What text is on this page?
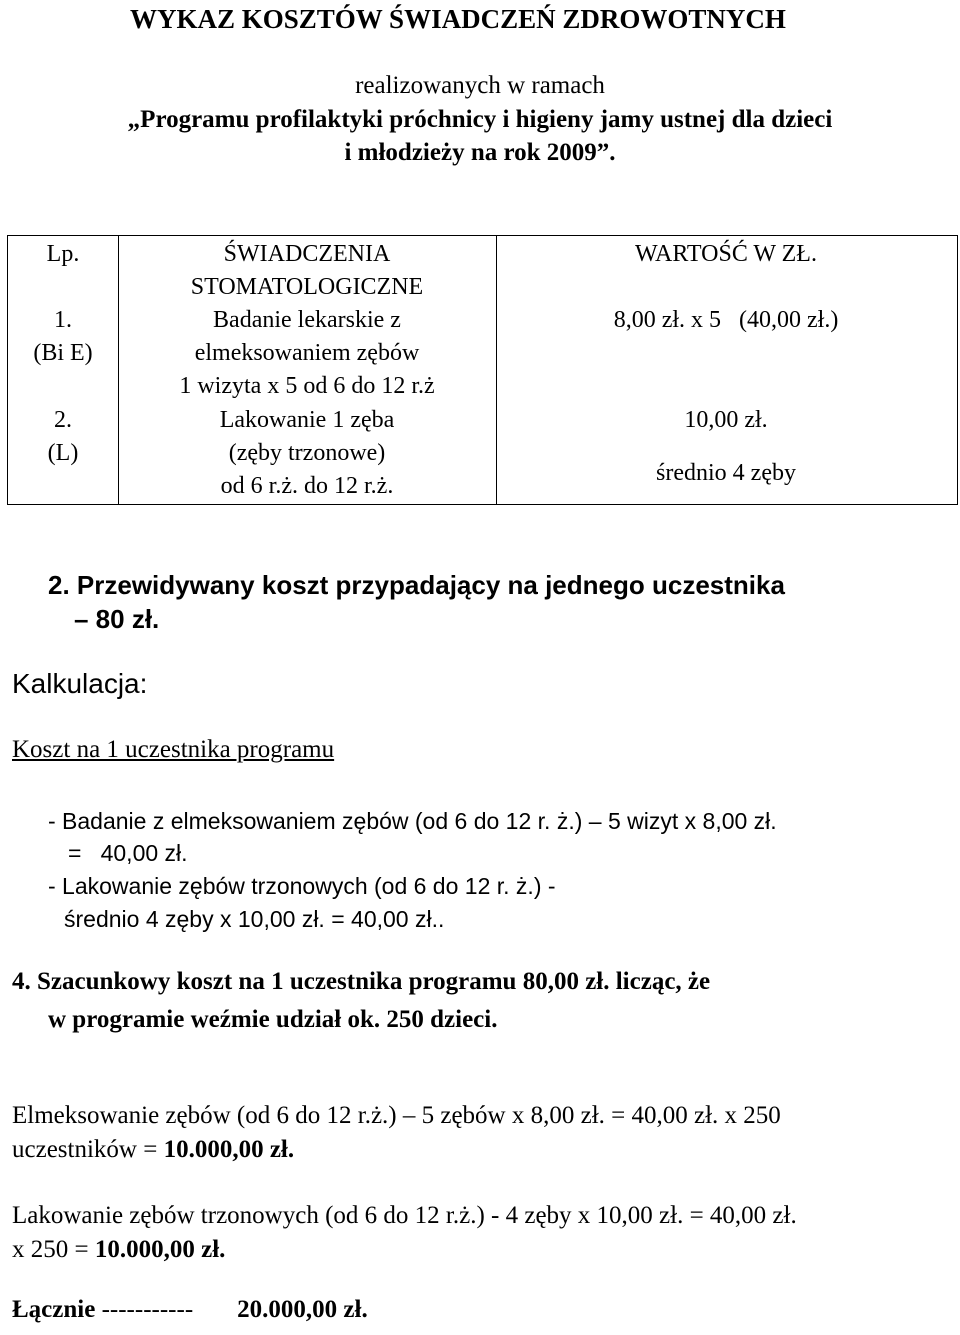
WYKAZ KOSZTÓW ŚWIADCZEŃ ZDROWOTNYCH
realizowanych w ramach
„Programu profilaktyki próchnicy i higieny jamy ustnej dla dzieci
i młodzieży na rok 2009”.
Lp.
1.
(Bi E)
2.
(L)
ŚWIADCZENIA
STOMATOLOGICZNE
Badanie lekarskie z
elmeksowaniem zębów
1 wizyta x 5 od 6 do 12 r.ż
Lakowanie 1 zęba
(zęby trzonowe)
od 6 r.ż. do 12 r.ż.
WARTOŚĆ W ZŁ.
8,00 zł. x 5   (40,00 zł.)
10,00 zł.
średnio 4 zęby
2. Przewidywany koszt przypadający na jednego uczestnika
– 80 zł.
Kalkulacja:
Koszt na 1 uczestnika programu
- Badanie z elmeksowaniem zębów (od 6 do 12 r. ż.) – 5 wizyt x 8,00 zł.
=   40,00 zł.
- Lakowanie zębów trzonowych (od 6 do 12 r. ż.) -
średnio 4 zęby x 10,00 zł. = 40,00 zł..
4. Szacunkowy koszt na 1 uczestnika programu 80,00 zł. licząc, że
w programie weźmie udział ok. 250 dzieci.
Elmeksowanie zębów (od 6 do 12 r.ż.) – 5 zębów x 8,00 zł. = 40,00 zł. x 250
uczestników = 10.000,00 zł.
Lakowanie zębów trzonowych (od 6 do 12 r.ż.) - 4 zęby x 10,00 zł. = 40,00 zł.
x 250 = 10.000,00 zł.
Łącznie ----------- 20.000,00 zł.
